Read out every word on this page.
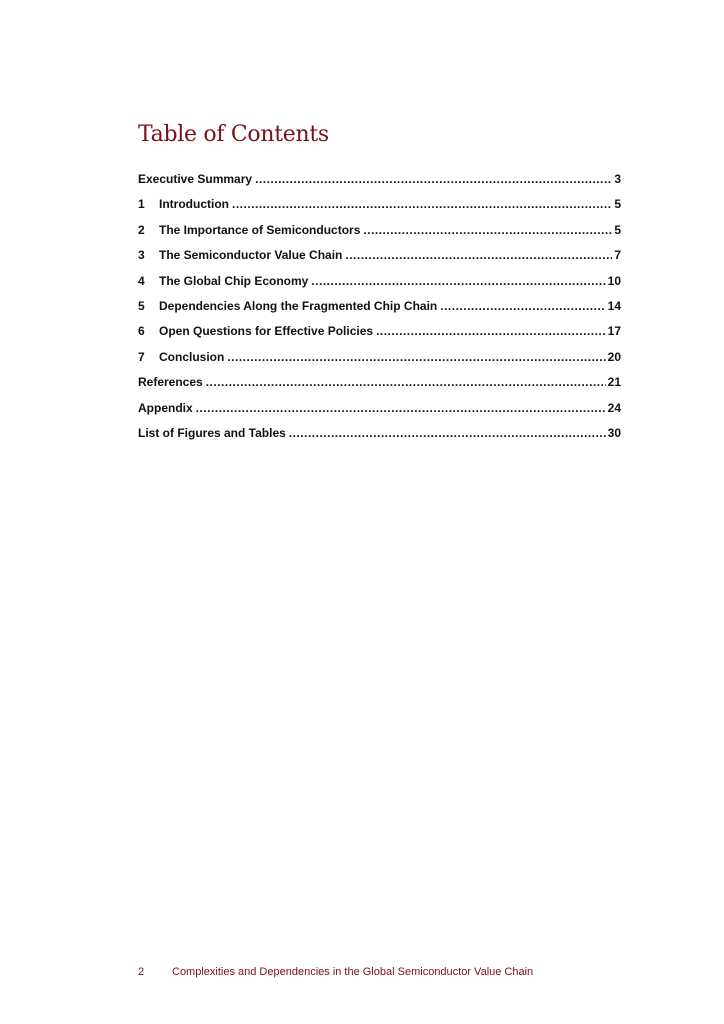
Table of Contents
Executive Summary .....	3
1	Introduction .....	5
2	The Importance of Semiconductors .....	5
3	The Semiconductor Value Chain .....	7
4	The Global Chip Economy .....	10
5	Dependencies Along the Fragmented Chip Chain .....	14
6	Open Questions for Effective Policies .....	17
7	Conclusion .....	20
References .....	21
Appendix .....	24
List of Figures and Tables .....	30
2	Complexities and Dependencies in the Global Semiconductor Value Chain
